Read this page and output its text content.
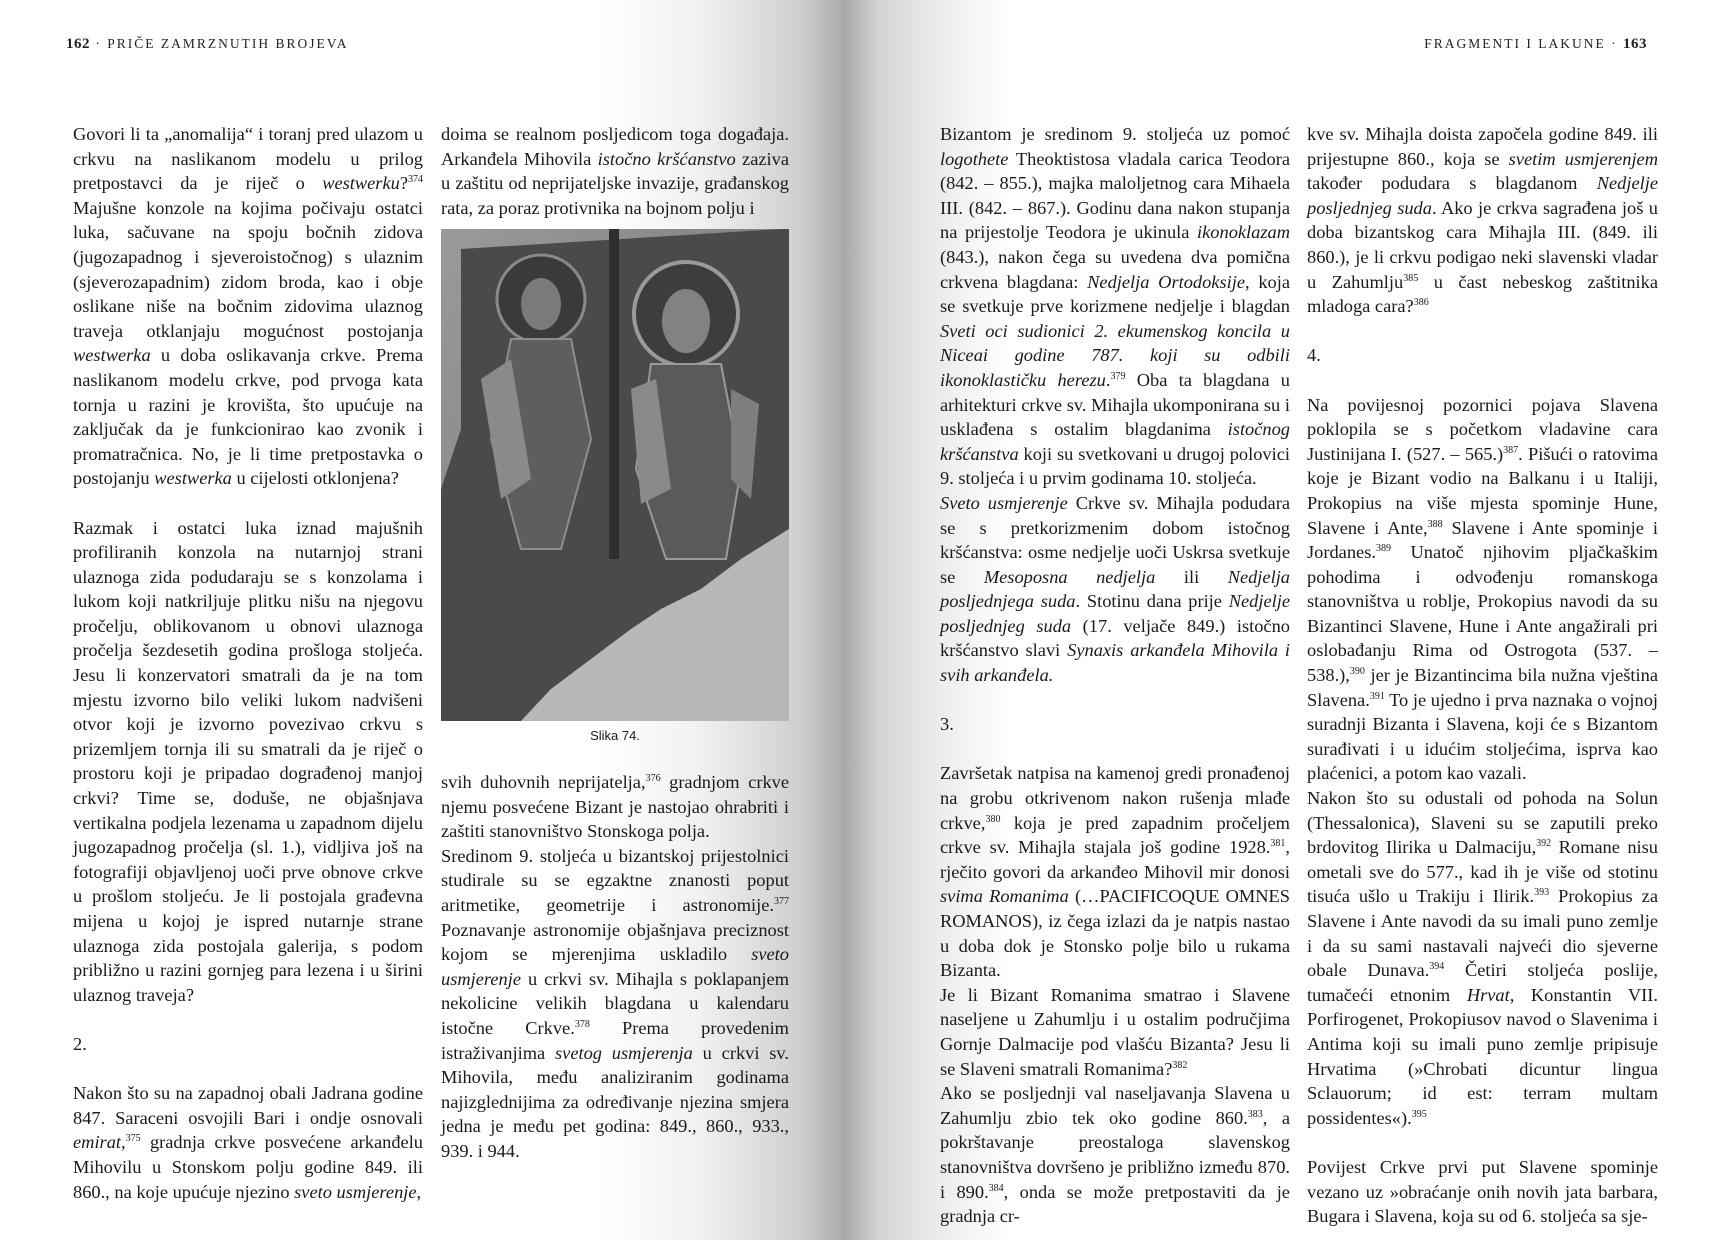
162 · PRIČE ZAMRZNUTIH BROJEVA	FRAGMENTI I LAKUNE · 163

Govori li ta „anomalija“ i toranj pred ulazom u crkvu na naslikanom modelu u prilog pretpostavci da je riječ o westwerku?$^{374}$ Majušne konzole na kojima počivaju ostatci luka, sačuvane na spoju bočnih zidova (jugozapadnog i sjeveroistočnog) s ulaznim (sjeverozapadnim) zidom broda, kao i obje oslikane niše na bočnim zidovima ulaznog traveja otklanjaju mogućnost postojanja westwerka u doba oslikavanja crkve. Prema naslikanom modelu crkve, pod prvoga kata tornja u razini je krovišta, što upućuje na zaključak da je funkcionirao kao zvonik i promatračnica. No, je li time pretpostavka o postojanju westwerka u cijelosti otklonjena?

Razmak i ostatci luka iznad majušnih profiliranih konzola na nutarnjoj strani ulaznoga zida podudaraju se s konzolama i lukom koji natkriljuje plitku nišu na njegovu pročelju, oblikovanom u obnovi ulaznoga pročelja šezdesetih godina prošloga stoljeća. Jesu li konzervatori smatrali da je na tom mjestu izvorno bilo veliki lukom nadvišeni otvor koji je izvorno povezivao crkvu s prizemljem tornja ili su smatrali da je riječ o prostoru koji je pripadao dograđenoj manjoj crkvi? Time se, doduše, ne objašnjava vertikalna podjela lezenama u zapadnom dijelu jugozapadnog pročelja (sl. 1.), vidljiva još na fotografiji objavljenoj uoči prve obnove crkve u prošlom stoljeću. Je li postojala građevna mijena u kojoj je ispred nutarnje strane ulaznoga zida postojala galerija, s podom približno u razini gornjeg para lezena i u širini ulaznog traveja?

2.

Nakon što su na zapadnoj obali Jadrana godine 847. Saraceni osvojili Bari i ondje osnovali emirat,$^{375}$ gradnja crkve posvećene arkanđelu Mihovilu u Stonskom polju godine 849. ili 860., na koje upućuje njezino sveto usmjerenje,

doima se realnom posljedicom toga događaja. Arkanđela Mihovila istočno kršćanstvo zaziva u zaštitu od neprijateljske invazije, građanskog rata, za poraz protivnika na bojnom polju i

Slika 74.

svih duhovnih neprijatelja,$^{376}$ gradnjom crkve njemu posvećene Bizant je nastojao ohrabriti i zaštiti stanovništvo Stonskoga polja.

Sredinom 9. stoljeća u bizantskoj prijestolnici studirale su se egzaktne znanosti poput aritmetike, geometrije i astronomije.$^{377}$ Poznavanje astronomije objašnjava preciznost kojom se mjerenjima uskladilo sveto usmjerenje u crkvi sv. Mihajla s poklapanjem nekolicine velikih blagdana u kalendaru istočne Crkve.$^{378}$ Prema provedenim istraživanjima svetog usmjerenja u crkvi sv. Mihovila, među analiziranim godinama najizglednijima za određivanje njezina smjera jedna je među pet godina: 849., 860., 933., 939. i 944.

Bizantom je sredinom 9. stoljeća uz pomoć logothete Theoktistosa vladala carica Teodora (842. – 855.), majka maloljetnog cara Mihaela III. (842. – 867.). Godinu dana nakon stupanja na prijestolje Teodora je ukinula ikonoklazam (843.), nakon čega su uvedena dva pomična crkvena blagdana: Nedjelja Ortodoksije, koja se svetkuje prve korizmene nedjelje i blagdan Sveti oci sudionici 2. ekumenskog koncila u Niceai godine 787. koji su odbili ikonoklastičku herezu.$^{379}$ Oba ta blagdana u arhitekturi crkve sv. Mihajla ukomponirana su i usklađena s ostalim blagdanima istočnog kršćanstva koji su svetkovani u drugoj polovici 9. stoljeća i u prvim godinama 10. stoljeća.

Sveto usmjerenje Crkve sv. Mihajla podudara se s pretkorizmenim dobom istočnog kršćanstva: osme nedjelje uoči Uskrsa svetkuje se Mesoposna nedjelja ili Nedjelja posljednjega suda. Stotinu dana prije Nedjelje posljednjeg suda (17. veljače 849.) istočno kršćanstvo slavi Synaxis arkanđela Mihovila i svih arkanđela.

3.

Završetak natpisa na kamenoj gredi pronađenoj na grobu otkrivenom nakon rušenja mlađe crkve,$^{380}$ koja je pred zapadnim pročeljem crkve sv. Mihajla stajala još godine 1928.$^{381}$, rječito govori da arkanđeo Mihovil mir donosi svima Romanima (…PACIFICOQUE OMNES ROMANOS), iz čega izlazi da je natpis nastao u doba dok je Stonsko polje bilo u rukama Bizanta.

Je li Bizant Romanima smatrao i Slavene naseljene u Zahumlju i u ostalim područjima Gornje Dalmacije pod vlašću Bizanta? Jesu li se Slaveni smatrali Romanima?$^{382}$

Ako se posljednji val naseljavanja Slavena u Zahumlju zbio tek oko godine 860.$^{383}$, a pokrštavanje preostaloga slavenskog stanovništva dovršeno je približno između 870. i 890.$^{384}$, onda se može pretpostaviti da je gradnja cr-

kve sv. Mihajla doista započela godine 849. ili prijestupne 860., koja se svetim usmjerenjem također podudara s blagdanom Nedjelje posljednjeg suda. Ako je crkva sagrađena još u doba bizantskog cara Mihajla III. (849. ili 860.), je li crkvu podigao neki slavenski vladar u Zahumlju$^{385}$ u čast nebeskog zaštitnika mladoga cara?$^{386}$

4.

Na povijesnoj pozornici pojava Slavena poklopila se s početkom vladavine cara Justinijana I. (527. – 565.)$^{387}$. Pišući o ratovima koje je Bizant vodio na Balkanu i u Italiji, Prokopius na više mjesta spominje Hune, Slavene i Ante,$^{388}$ Slavene i Ante spominje i Jordanes.$^{389}$ Unatoč njihovim pljačkaškim pohodima i odvođenju romanskoga stanovništva u roblje, Prokopius navodi da su Bizantinci Slavene, Hune i Ante angažirali pri oslobađanju Rima od Ostrogota (537. – 538.),$^{390}$ jer je Bizantincima bila nužna vještina Slavena.$^{391}$ To je ujedno i prva naznaka o vojnoj suradnji Bizanta i Slavena, koji će s Bizantom surađivati i u idućim stoljećima, isprva kao plaćenici, a potom kao vazali.

Nakon što su odustali od pohoda na Solun (Thessalonica), Slaveni su se zaputili preko brdovitog Ilirika u Dalmaciju,$^{392}$ Romane nisu ometali sve do 577., kad ih je više od stotinu tisuća ušlo u Trakiju i Ilirik.$^{393}$ Prokopius za Slavene i Ante navodi da su imali puno zemlje i da su sami nastavali najveći dio sjeverne obale Dunava.$^{394}$ Četiri stoljeća poslije, tumačeći etnonim Hrvat, Konstantin VII. Porfirogenet, Prokopiusov navod o Slavenima i Antima koji su imali puno zemlje pripisuje Hrvatima (»Chrobati dicuntur lingua Sclauorum; id est: terram multam possidentes«).$^{395}$

Povijest Crkve prvi put Slavene spominje vezano uz »obraćanje onih novih jata barbara, Bugara i Slavena, koja su od 6. stoljeća sa sje-
